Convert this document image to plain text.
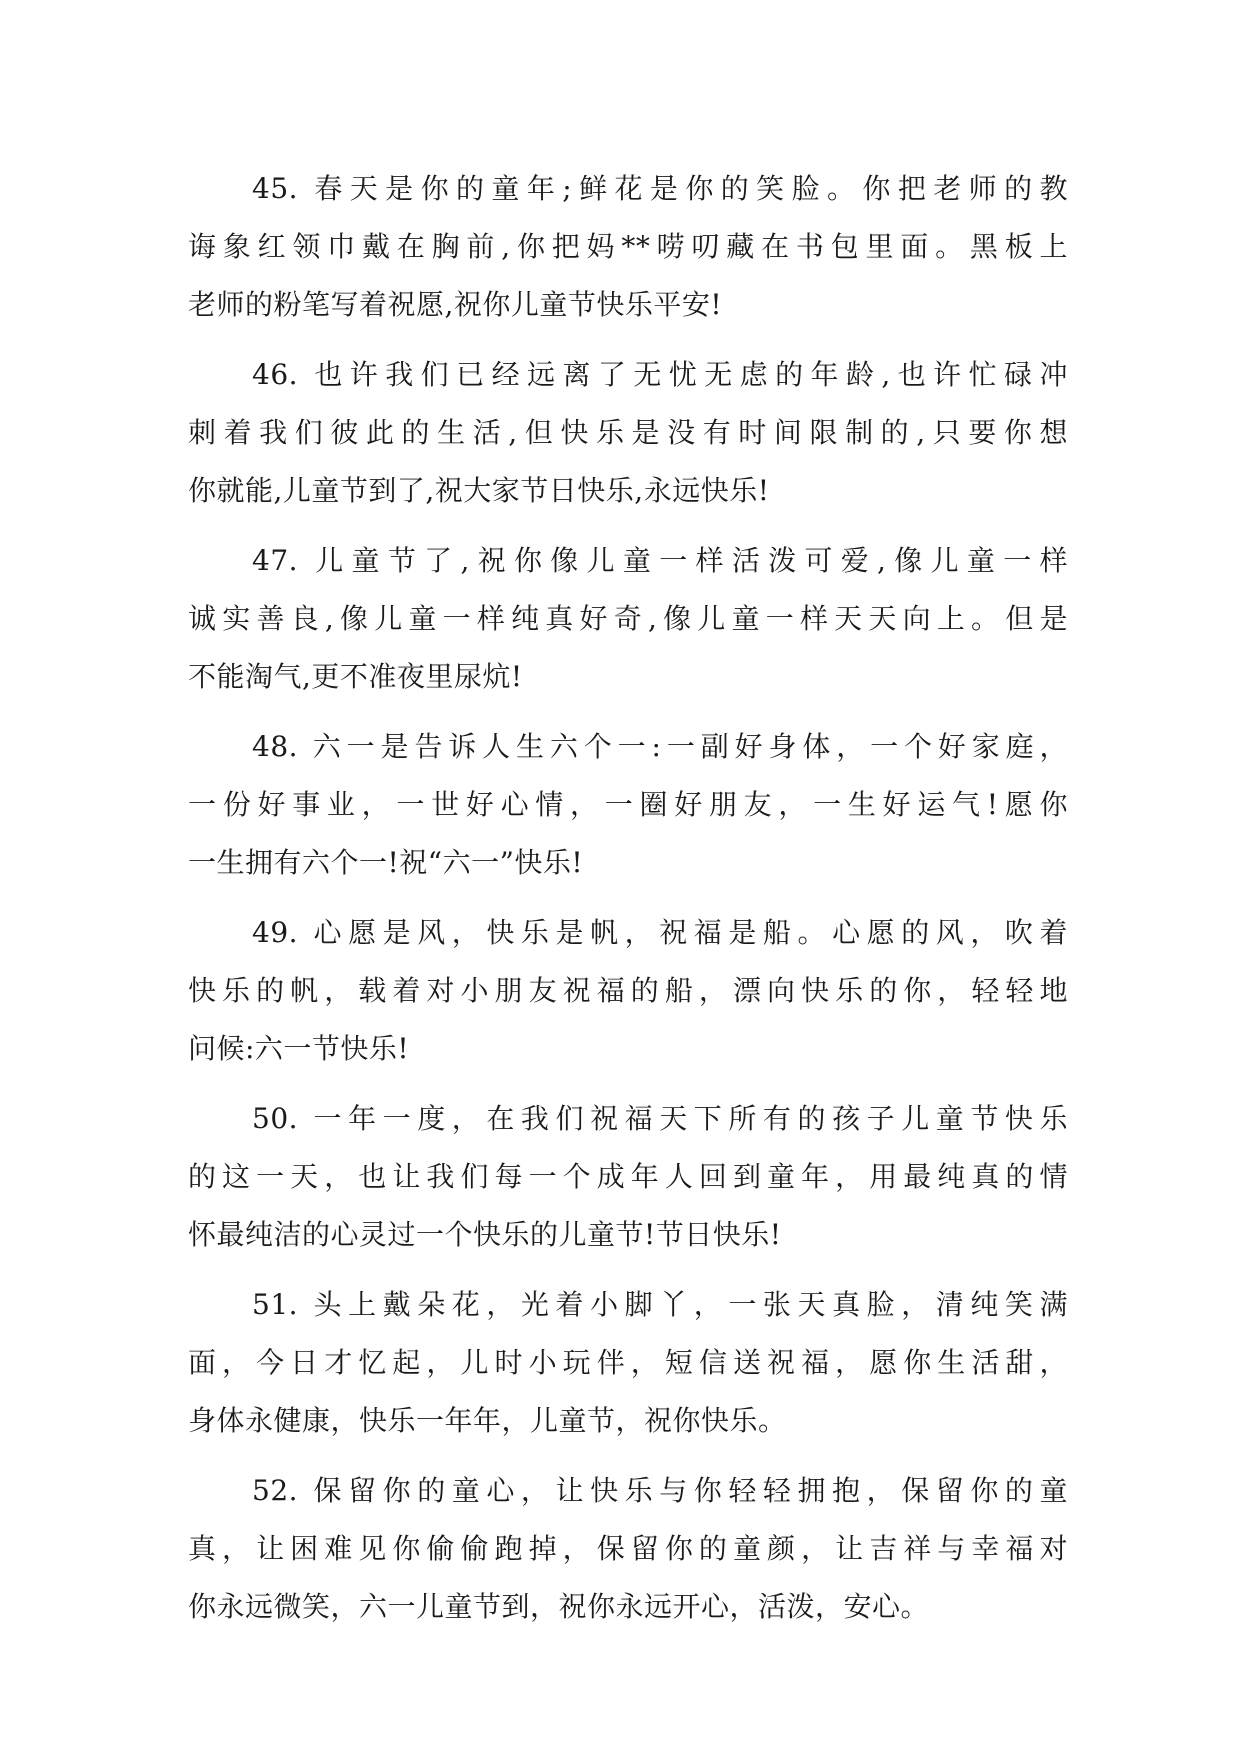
45. 春天是你的童年;鲜花是你的笑脸。你把老师的教
诲象红领巾戴在胸前,你把妈**唠叨藏在书包里面。黑板上
老师的粉笔写着祝愿,祝你儿童节快乐平安!
46. 也许我们已经远离了无忧无虑的年龄,也许忙碌冲
刺着我们彼此的生活,但快乐是没有时间限制的,只要你想
你就能,儿童节到了,祝大家节日快乐,永远快乐!
47. 儿童节了,祝你像儿童一样活泼可爱,像儿童一样
诚实善良,像儿童一样纯真好奇,像儿童一样天天向上。但是
不能淘气,更不准夜里尿炕!
48. 六一是告诉人生六个一:一副好身体，一个好家庭，
一份好事业，一世好心情，一圈好朋友，一生好运气!愿你
一生拥有六个一!祝“六一”快乐!
49. 心愿是风，快乐是帆，祝福是船。心愿的风，吹着
快乐的帆，载着对小朋友祝福的船，漂向快乐的你，轻轻地
问候:六一节快乐!
50. 一年一度，在我们祝福天下所有的孩子儿童节快乐
的这一天，也让我们每一个成年人回到童年，用最纯真的情
怀最纯洁的心灵过一个快乐的儿童节!节日快乐!
51. 头上戴朵花，光着小脚丫，一张天真脸，清纯笑满
面，今日才忆起，儿时小玩伴，短信送祝福，愿你生活甜，
身体永健康，快乐一年年，儿童节，祝你快乐。
52. 保留你的童心，让快乐与你轻轻拥抱，保留你的童
真，让困难见你偷偷跑掉，保留你的童颜，让吉祥与幸福对
你永远微笑，六一儿童节到，祝你永远开心，活泼，安心。
